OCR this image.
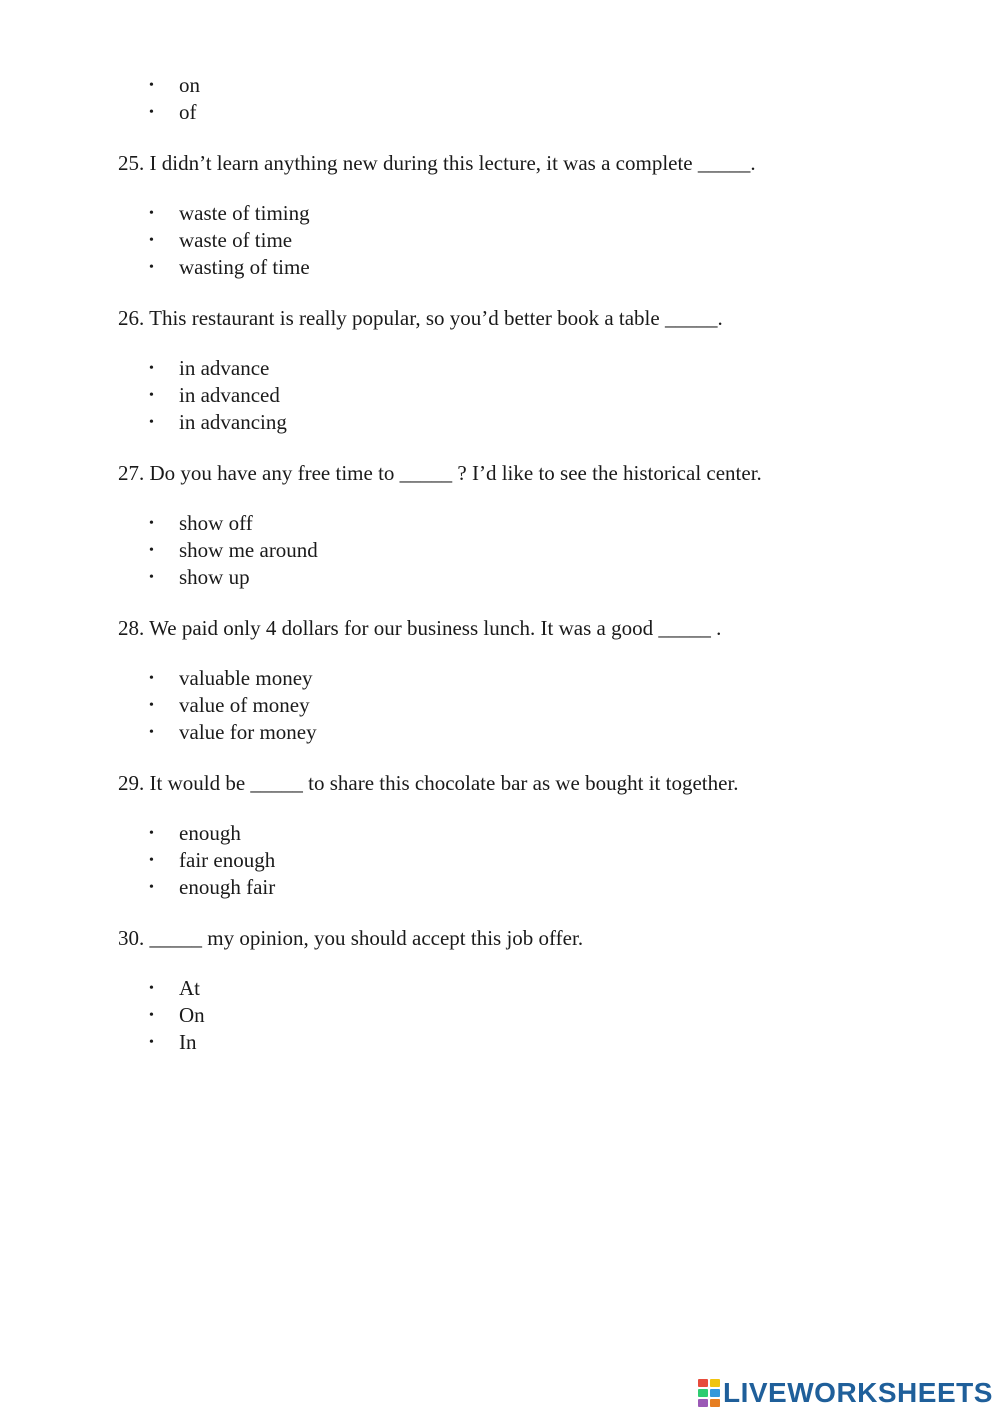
• on
• of

25. I didn’t learn anything new during this lecture, it was a complete _____.

• waste of timing
• waste of time
• wasting of time

26. This restaurant is really popular, so you’d better book a table _____.

• in advance
• in advanced
• in advancing

27. Do you have any free time to _____ ? I’d like to see the historical center.

• show off
• show me around
• show up

28. We paid only 4 dollars for our business lunch. It was a good _____ .

• valuable money
• value of money
• value for money

29. It would be _____ to share this chocolate bar as we bought it together.

• enough
• fair enough
• enough fair

30. _____ my opinion, you should accept this job offer.

• At
• On
• In
LIVEWORKSHEETS
